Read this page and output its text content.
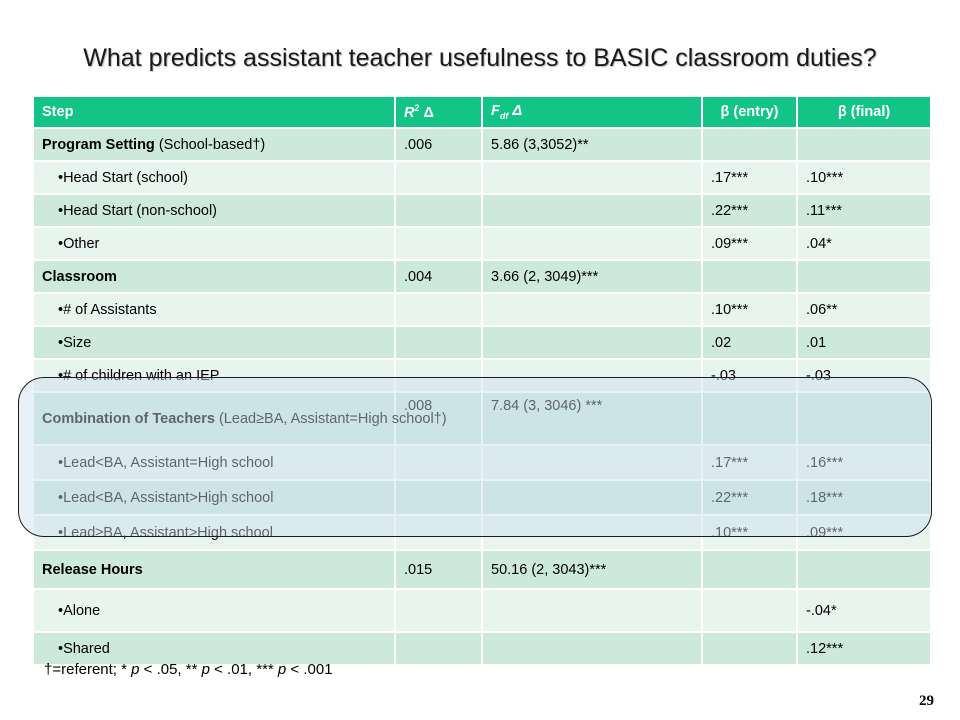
What predicts assistant teacher usefulness to BASIC classroom duties?
Step	$R^2$ Δ	$F_{df}$ Δ	β (entry)	β (final)
Program Setting (School-based†)	.006	5.86 (3,3052)**		
•Head Start (school)			.17***	.10***
•Head Start (non-school)			.22***	.11***
•Other			.09***	.04*
Classroom	.004	3.66 (2, 3049)***		
•# of Assistants			.10***	.06**
•Size			.02	.01
•# of children with an IEP			-.03	-.03
Combination of Teachers (Lead≥BA, Assistant=High school†)	.008	7.84 (3, 3046) ***		
•Lead<BA, Assistant=High school			.17***	.16***
•Lead<BA, Assistant>High school			.22***	.18***
•Lead≥BA, Assistant>High school			.10***	.09***
Release Hours	.015	50.16 (2, 3043)***		
•Alone				-.04*
•Shared				.12***
†=referent; * p < .05, ** p < .01, *** p < .001
29
